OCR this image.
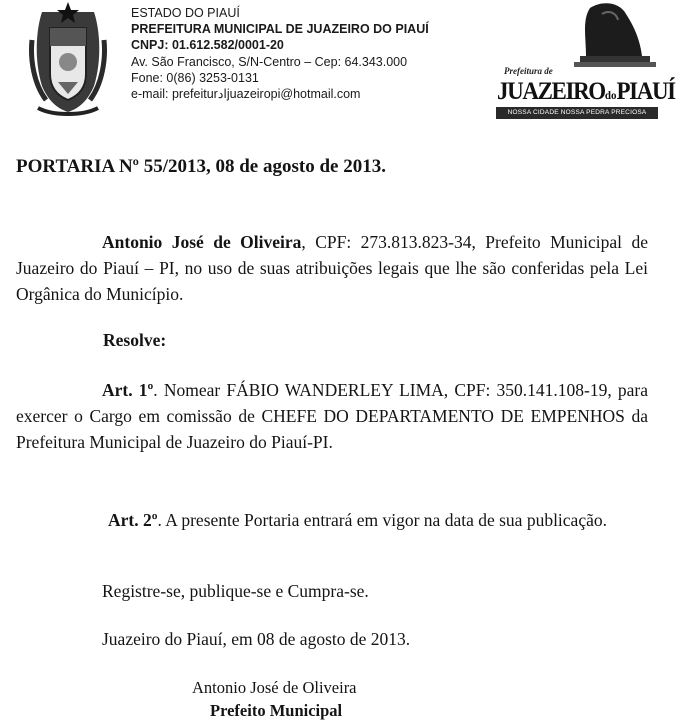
ESTADO DO PIAUÍ
PREFEITURA MUNICIPAL DE JUAZEIRO DO PIAUÍ
CNPJ: 01.612.582/0001-20
Av. São Francisco, S/N-Centro – Cep: 64.343.000
Fone: 0(86) 3253-0131
e-mail: prefeiturادjuazeiropi@hotmail.com
Prefeitura de
JUAZEIROdoPIAUÍ
NOSSA CIDADE NOSSA PEDRA PRECIOSA
PORTARIA Nº 55/2013, 08 de agosto de 2013.
Antonio José de Oliveira, CPF: 273.813.823-34, Prefeito Municipal de Juazeiro do Piauí – PI, no uso de suas atribuições legais que lhe são conferidas pela Lei Orgânica do Município.
Resolve:
Art. 1º. Nomear FÁBIO WANDERLEY LIMA, CPF: 350.141.108-19, para exercer o Cargo em comissão de CHEFE DO DEPARTAMENTO DE EMPENHOS da Prefeitura Municipal de Juazeiro do Piauí-PI.
Art. 2º. A presente Portaria entrará em vigor na data de sua publicação.
Registre-se, publique-se e Cumpra-se.
Juazeiro do Piauí, em 08 de agosto de 2013.
Antonio José de Oliveira
Prefeito Municipal
